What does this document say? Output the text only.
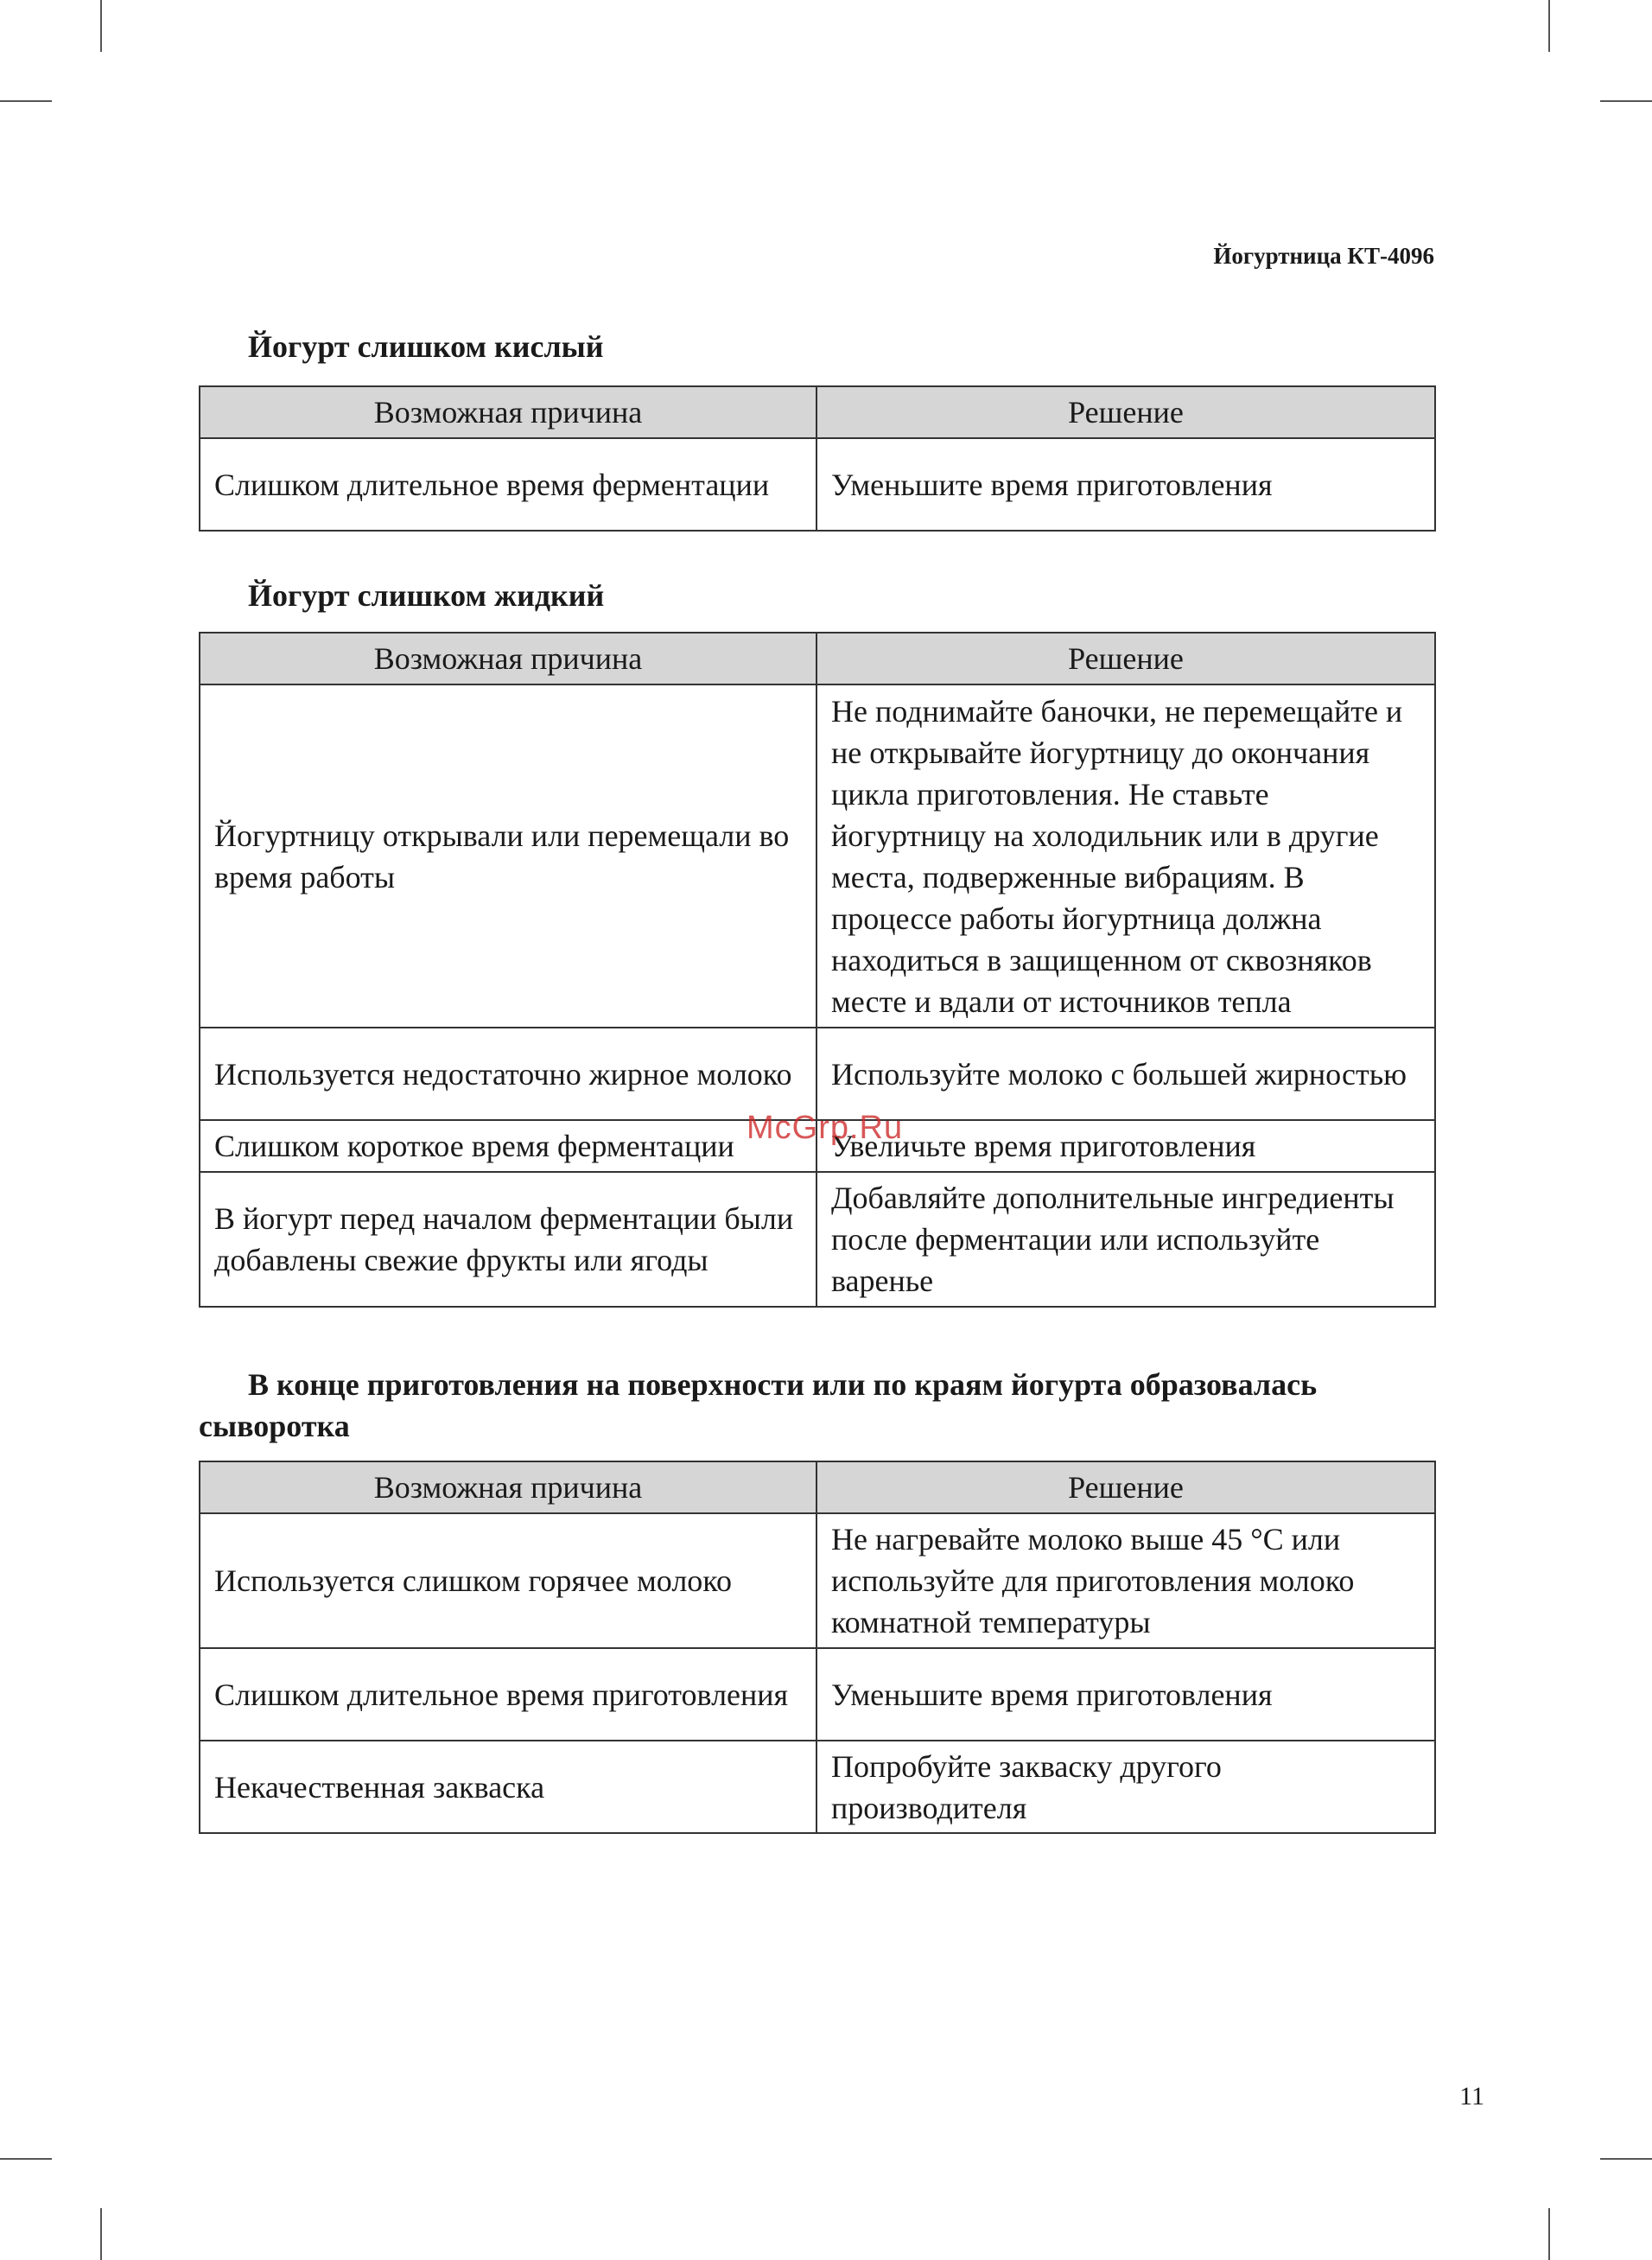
Йогуртница КТ-4096
Йогурт слишком кислый
Возможная причина	Решение
Слишком длительное время ферментации	Уменьшите время приготовления
Йогурт слишком жидкий
Возможная причина	Решение
Йогуртницу открывали или перемещали во время работы	Не поднимайте баночки, не перемещайте и не открывайте йогуртницу до окончания цикла приготовления. Не ставьте йогуртницу на холодильник или в другие места, подверженные вибрациям. В процессе работы йогуртница должна находиться в защищенном от сквозняков месте и вдали от источников тепла
Используется недостаточно жирное молоко	Используйте молоко с большей жирностью
Слишком короткое время ферментации	Увеличьте время приготовления
В йогурт перед началом ферментации были добавлены свежие фрукты или ягоды	Добавляйте дополнительные ингредиенты после ферментации или используйте варенье
В конце приготовления на поверхности или по краям йогурта образовалась сыворотка
Возможная причина	Решение
Используется слишком горячее молоко	Не нагревайте молоко выше 45 °С или используйте для приготовления молоко комнатной температуры
Слишком длительное время приготовления	Уменьшите время приготовления
Некачественная закваска	Попробуйте закваску другого производителя
McGrp.Ru
11
